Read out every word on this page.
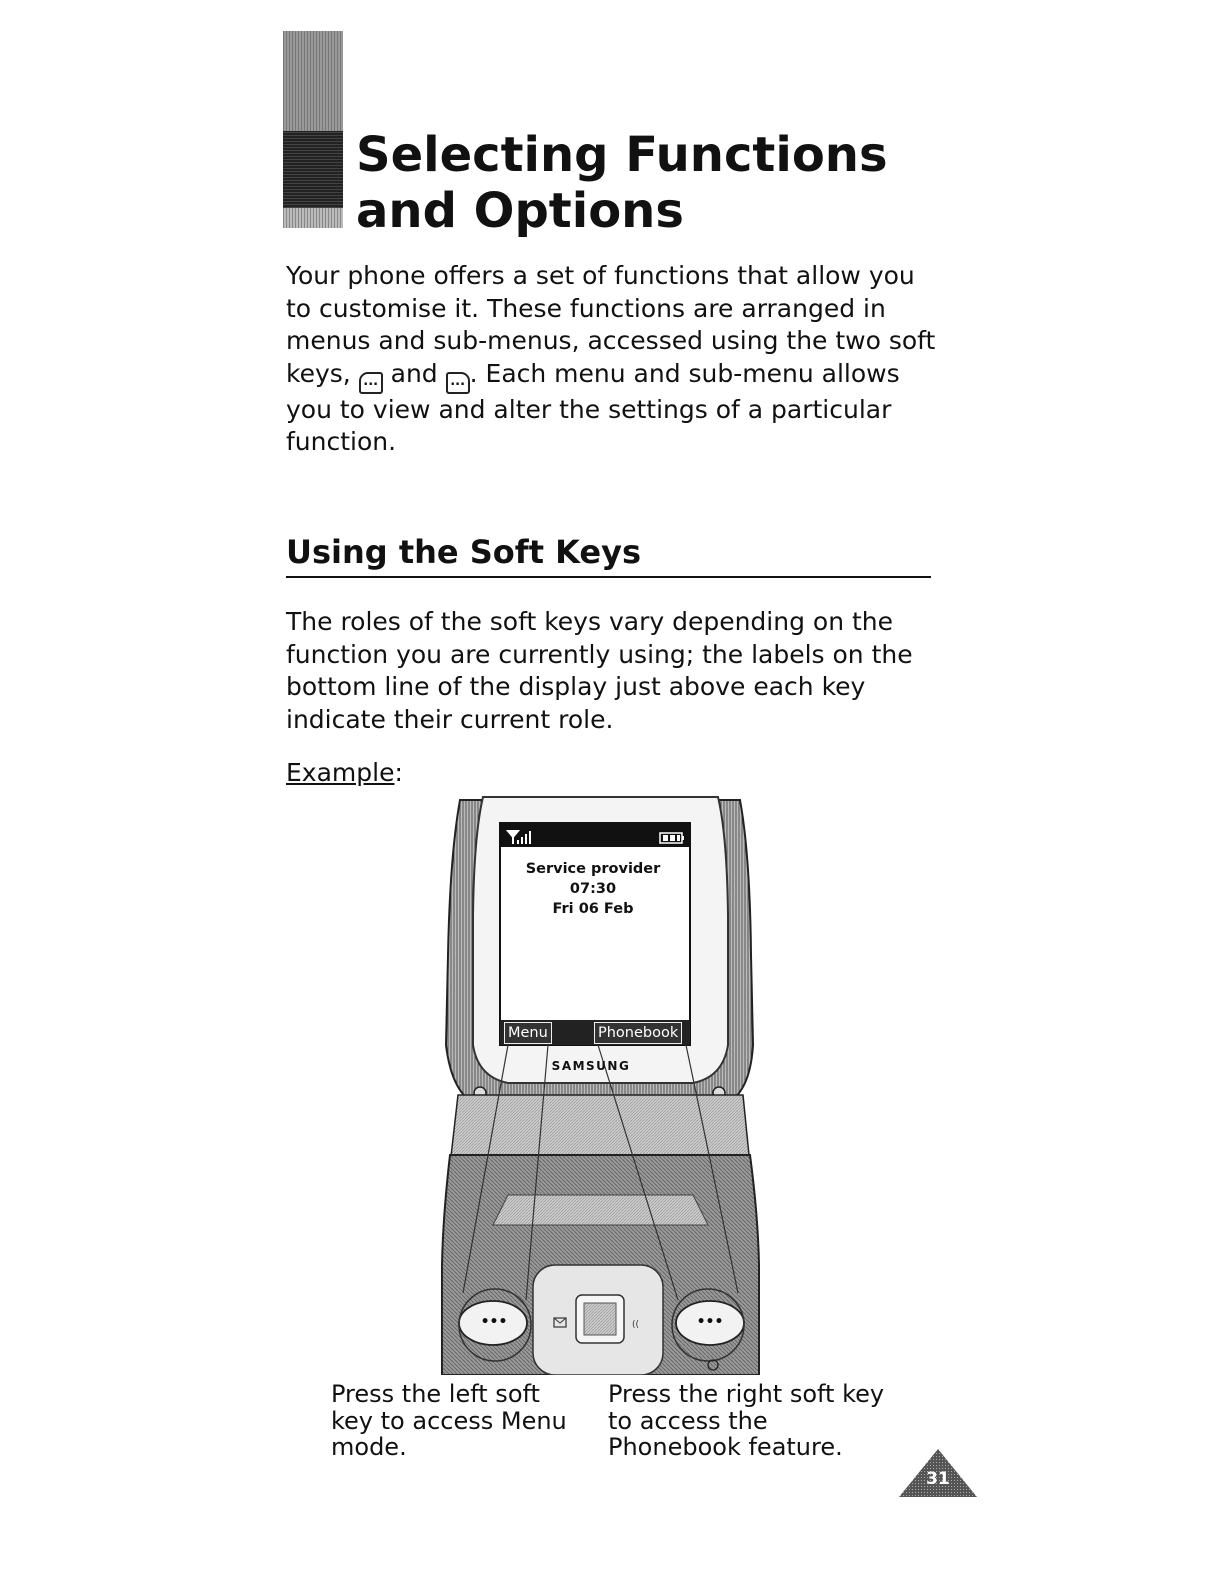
Selecting Functions
and Options

Your phone offers a set of functions that allow you
to customise it. These functions are arranged in
menus and sub-menus, accessed using the two soft
keys, ... and ... . Each menu and sub-menu allows
you to view and alter the settings of a particular
function.

Using the Soft Keys

The roles of the soft keys vary depending on the
function you are currently using; the labels on the
bottom line of the display just above each key
indicate their current role.

Example:
((
Service provider
07:30
Fri 06 Feb
Menu	Phonebook
SAMSUNG
•••	•••

Press the left soft
key to access Menu
mode.

Press the right soft key
to access the
Phonebook feature.

31
